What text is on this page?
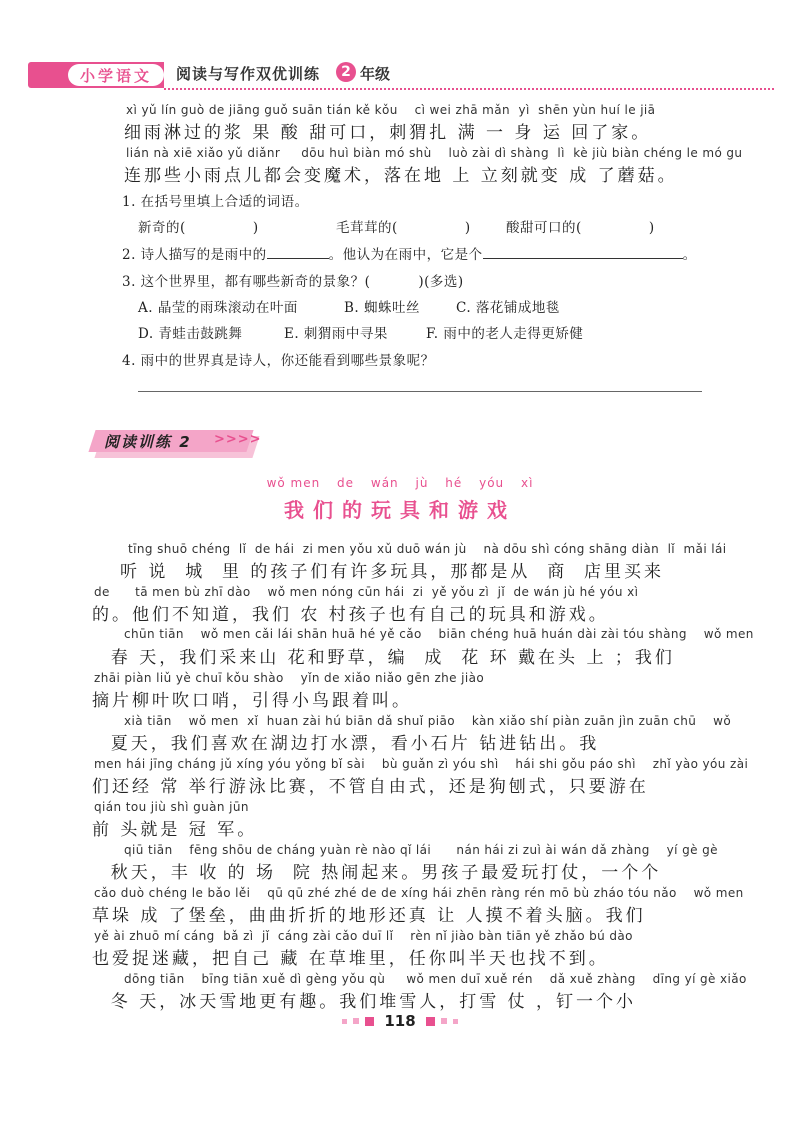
小学语文	阅读与写作双优训练	2 年级
xì yǔ lín guò de jiāng guǒ suān tián kě kǒu    cì wei zhā mǎn  yì  shēn yùn huí le jiā
细雨淋过的浆 果 酸 甜可口，刺猬扎 满 一 身 运 回了家。
lián nà xiē xiǎo yǔ diǎnr     dōu huì biàn mó shù    luò zài dì shàng  lì  kè jiù biàn chéng le mó gu
连那些小雨点儿都会变魔术，落在地 上 立刻就变 成 了蘑菇。
1. 在括号里填上合适的词语。
新奇的(              )	毛茸茸的(              )	酸甜可口的(              )
2. 诗人描写的是雨中的	。他认为在雨中，它是个	。
3. 这个世界里，都有哪些新奇的景象？(          )(多选)
A. 晶莹的雨珠滚动在叶面	B. 蜘蛛吐丝	C. 落花铺成地毯
D. 青蛙击鼓跳舞	E. 刺猬雨中寻果	F. 雨中的老人走得更矫健
4. 雨中的世界真是诗人，你还能看到哪些景象呢？
阅读训练 2 >>>>
wǒ men de wán jù hé yóu xì
我们的玩具和游戏
tīng shuō chéng  lǐ  de hái  zi men yǒu xǔ duō wán jù    nà dōu shì cóng shāng diàn  lǐ  mǎi lái
听 说  城  里 的孩子们有许多玩具，那都是从  商  店里买来
de      tā men bù zhī dào    wǒ men nóng cūn hái  zi  yě yǒu zì  jǐ  de wán jù hé yóu xì
的。他们不知道，我们 农 村孩子也有自己的玩具和游戏。
chūn tiān    wǒ men cǎi lái shān huā hé yě cǎo    biān chéng huā huán dài zài tóu shàng    wǒ men
春 天，我们采来山 花和野草，编  成  花 环 戴在头 上 ；我们
zhāi piàn liǔ yè chuī kǒu shào    yǐn de xiǎo niǎo gēn zhe jiào
摘片柳叶吹口哨，引得小鸟跟着叫。
xià tiān    wǒ men  xǐ  huan zài hú biān dǎ shuǐ piāo    kàn xiǎo shí piàn zuān jìn zuān chū    wǒ
夏天，我们喜欢在湖边打水漂，看小石片 钻进钻出。我
men hái jīng cháng jǔ xíng yóu yǒng bǐ sài    bù guǎn zì yóu shì    hái shi gǒu páo shì    zhǐ yào yóu zài
们还经 常 举行游泳比赛，不管自由式，还是狗刨式，只要游在
qián tou jiù shì guàn jūn
前 头就是 冠 军。
qiū tiān    fēng shōu de cháng yuàn rè nào qǐ lái      nán hái zi zuì ài wán dǎ zhàng    yí gè gè
秋天，丰 收 的 场  院 热闹起来。男孩子最爱玩打仗，一个个
cǎo duò chéng le bǎo lěi    qū qū zhé zhé de de xíng hái zhēn ràng rén mō bù zháo tóu nǎo    wǒ men
草垛 成 了堡垒，曲曲折折的地形还真 让 人摸不着头脑。我们
yě ài zhuō mí cáng  bǎ zì  jǐ  cáng zài cǎo duī lǐ    rèn nǐ jiào bàn tiān yě zhǎo bú dào
也爱捉迷藏，把自己 藏 在草堆里，任你叫半天也找不到。
dōng tiān    bīng tiān xuě dì gèng yǒu qù     wǒ men duī xuě rén    dǎ xuě zhàng    dīng yí gè xiǎo
冬 天，冰天雪地更有趣。我们堆雪人，打雪 仗 ，钉一个小
118
